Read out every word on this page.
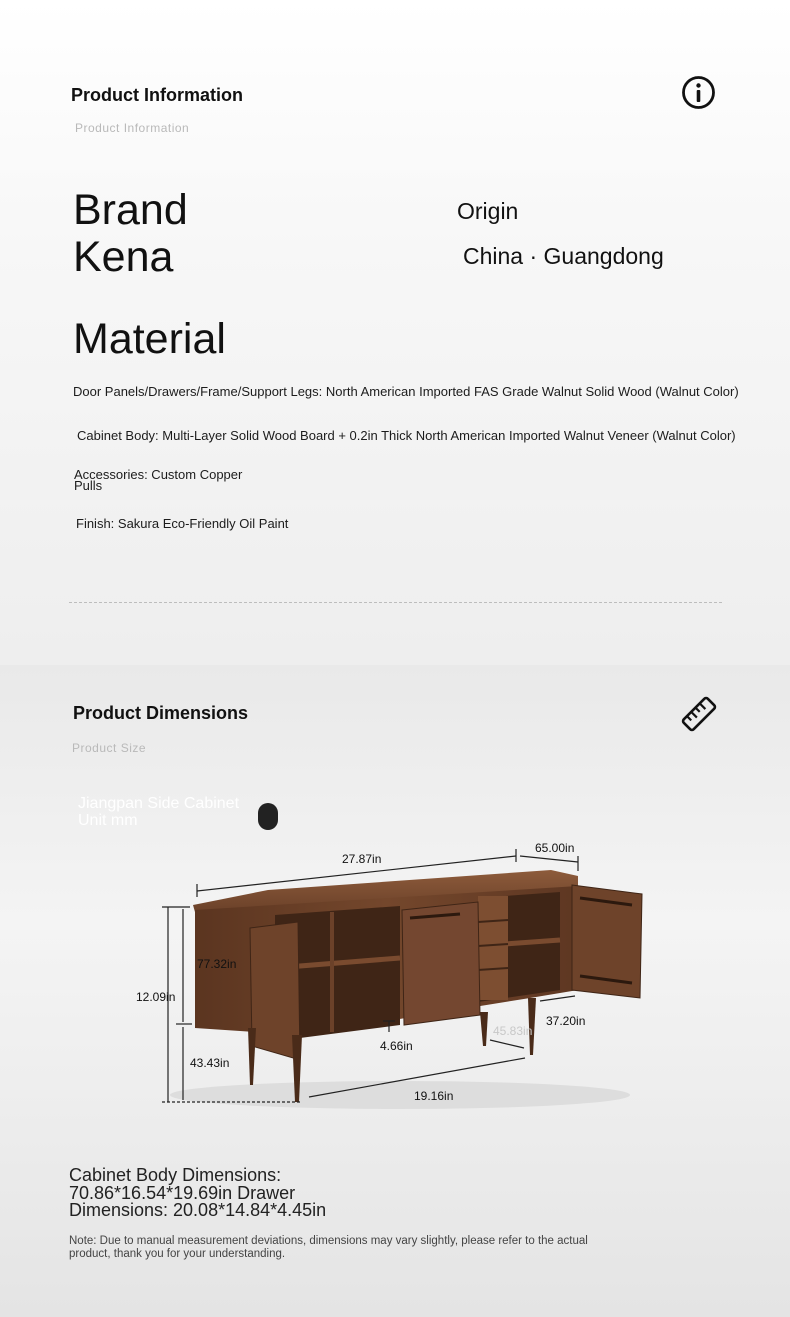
Product Information
Product Information
Brand
Kena
Origin
China · Guangdong
Material
Door Panels/Drawers/Frame/Support Legs: North American Imported FAS Grade Walnut Solid Wood (Walnut Color)
Cabinet Body: Multi-Layer Solid Wood Board + 0.2in Thick North American Imported Walnut Veneer (Walnut Color)
Accessories: Custom Copper Pulls
Finish: Sakura Eco-Friendly Oil Paint
Product Dimensions
Product Size
Jiangpan Side Cabinet
Unit mm
27.87in
65.00in
77.32in
12.09in
43.43in
4.66in
45.83in
37.20in
19.16in
Cabinet Body Dimensions: 70.86*16.54*19.69in Drawer Dimensions: 20.08*14.84*4.45in
Note: Due to manual measurement deviations, dimensions may vary slightly, please refer to the actual product, thank you for your understanding.
